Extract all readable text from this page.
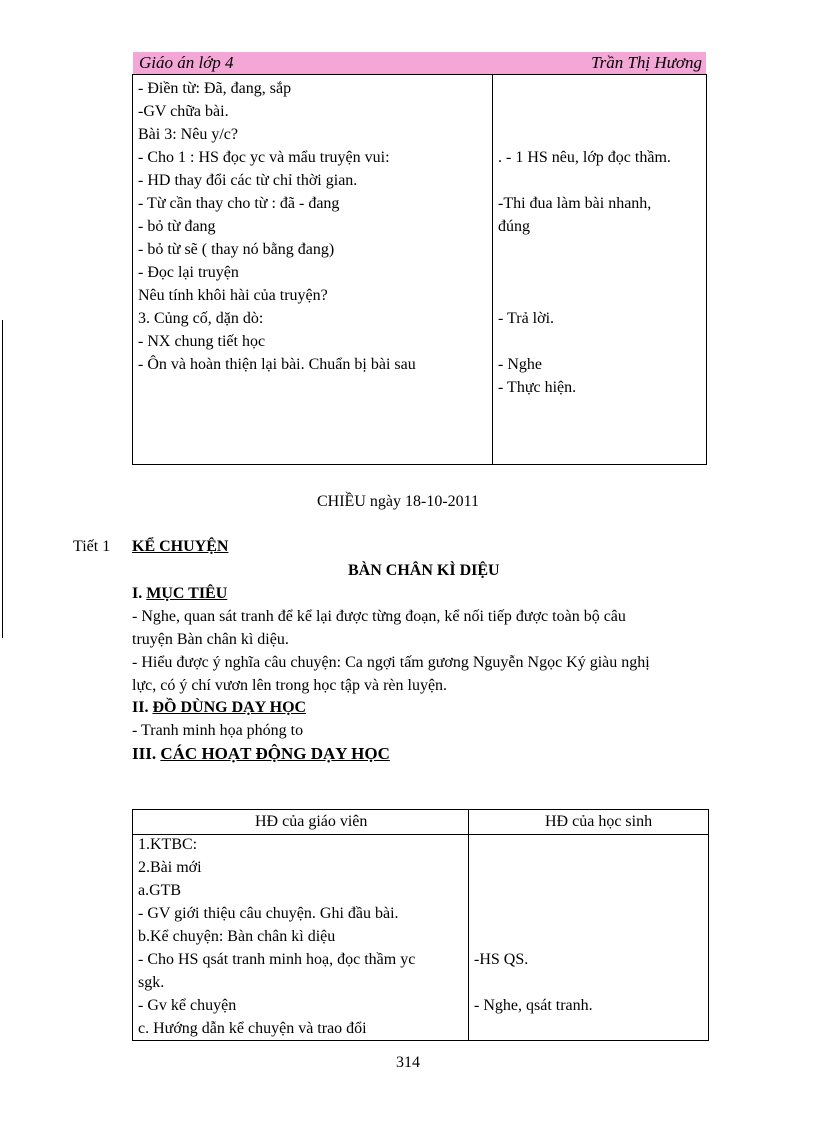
Giáo án lớp 4	Trần Thị Hương
- Điền từ: Đã, đang, sắp
-GV chữa bài.
Bài 3: Nêu y/c?
- Cho 1 : HS đọc yc và mẩu truyện vui:
- HD thay đổi các từ chỉ thời gian.
- Từ cần thay cho từ : đã - đang
- bỏ từ đang
- bỏ từ sẽ ( thay nó bằng đang)
- Đọc lại truyện
Nêu tính khôi hài của truyện?
3. Củng cố, dặn dò:
- NX chung tiết học
- Ôn và hoàn thiện lại bài. Chuẩn bị bài sau
. - 1 HS nêu, lớp đọc thầm.
-Thi đua làm bài nhanh,
đúng
- Trả lời.
- Nghe
- Thực hiện.
CHIỀU ngày 18-10-2011
Tiết 1 KỂ CHUYỆN
BÀN CHÂN KÌ DIỆU
I. MỤC TIÊU
- Nghe, quan sát tranh để kể lại được từng đoạn, kể nối tiếp được toàn bộ câu
truyện Bàn chân kì diệu.
- Hiểu được ý nghĩa câu chuyện: Ca ngợi tấm gương Nguyễn Ngọc Ký giàu nghị
lực, có ý chí vươn lên trong học tập và rèn luyện.
II. ĐỒ DÙNG DẠY HỌC
- Tranh minh họa phóng to
III. CÁC HOẠT ĐỘNG DẠY HỌC
HĐ của giáo viên	HĐ của học sinh
1.KTBC:
2.Bài mới
a.GTB
- GV giới thiệu câu chuyện. Ghi đầu bài.
b.Kể chuyện: Bàn chân kì diệu
- Cho HS qsát tranh minh hoạ, đọc thầm yc
sgk.
- Gv kể chuyện
c. Hướng dẫn kể chuyện và trao đổi
-HS QS.
- Nghe, qsát tranh.
314
